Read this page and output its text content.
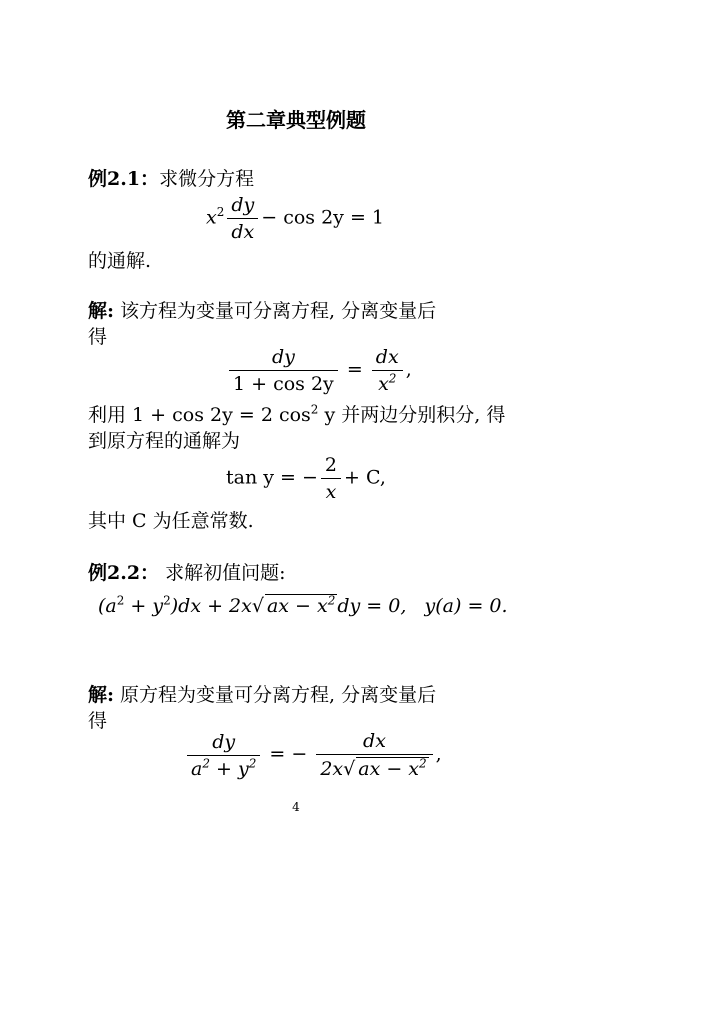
第二章典型例题
例2.1：求微分方程
$x^2 \frac{dy}{dx} - \cos 2y = 1$
的通解.
解: 该方程为变量可分离方程, 分离变量后
得
$\frac{dy}{1 + \cos 2y} = \frac{dx}{x^2}$ ,
利用 1 + cos 2y = 2 $\cos^2 y$ 并两边分别积分, 得
到原方程的通解为
tan y = − $\frac{2}{x} + C$,
其中 C 为任意常数.
例2.2： 求解初值问题:
$(a^2 + y^2)dx + 2x√$ ax − $x^2$ dy = 0, y(a) = 0.
解: 原方程为变量可分离方程, 分离变量后
得
$\frac{dy}{a^2 + y^2}$ = − $\frac{dx}{2x√ ax - x^2}$ ,
4
